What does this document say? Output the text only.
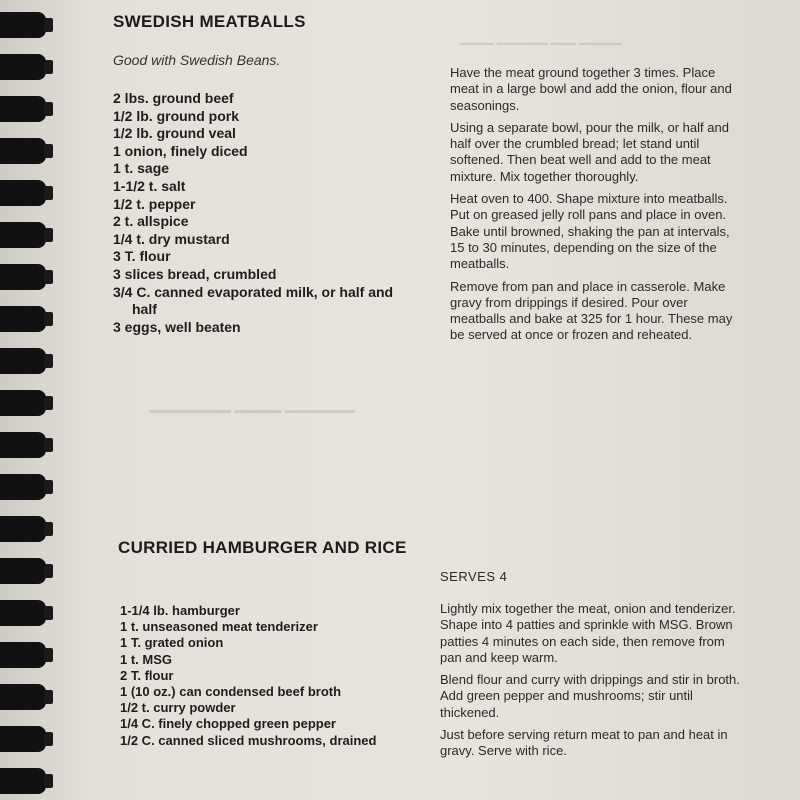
▁▁▁▁ ▁▁▁▁▁▁ ▁▁▁ ▁▁▁▁▁
▁▁▁▁▁▁▁ ▁▁▁▁ ▁▁▁▁▁▁
SWEDISH MEATBALLS
Good with Swedish Beans.
2 lbs. ground beef
1/2 lb. ground pork
1/2 lb. ground veal
1 onion, finely diced
1 t. sage
1-1/2 t. salt
1/2 t. pepper
2 t. allspice
1/4 t. dry mustard
3 T. flour
3 slices bread, crumbled
3/4 C. canned evaporated milk, or half and half
3 eggs, well beaten

Have the meat ground together 3 times. Place meat in a large bowl and add the onion, flour and seasonings.

Using a separate bowl, pour the milk, or half and half over the crumbled bread; let stand until softened. Then beat well and add to the meat mixture. Mix together thoroughly.

Heat oven to 400. Shape mixture into meatballs. Put on greased jelly roll pans and place in oven. Bake until browned, shaking the pan at intervals, 15 to 30 minutes, depending on the size of the meatballs.

Remove from pan and place in casserole. Make gravy from drippings if desired. Pour over meatballs and bake at 325 for 1 hour. These may be served at once or frozen and reheated.

CURRIED HAMBURGER AND RICE
SERVES 4
1-1/4 lb. hamburger
1 t. unseasoned meat tenderizer
1 T. grated onion
1 t. MSG
2 T. flour
1 (10 oz.) can condensed beef broth
1/2 t. curry powder
1/4 C. finely chopped green pepper
1/2 C. canned sliced mushrooms, drained

Lightly mix together the meat, onion and tenderizer. Shape into 4 patties and sprinkle with MSG. Brown patties 4 minutes on each side, then remove from pan and keep warm.

Blend flour and curry with drippings and stir in broth. Add green pepper and mushrooms; stir until thickened.

Just before serving return meat to pan and heat in gravy. Serve with rice.
